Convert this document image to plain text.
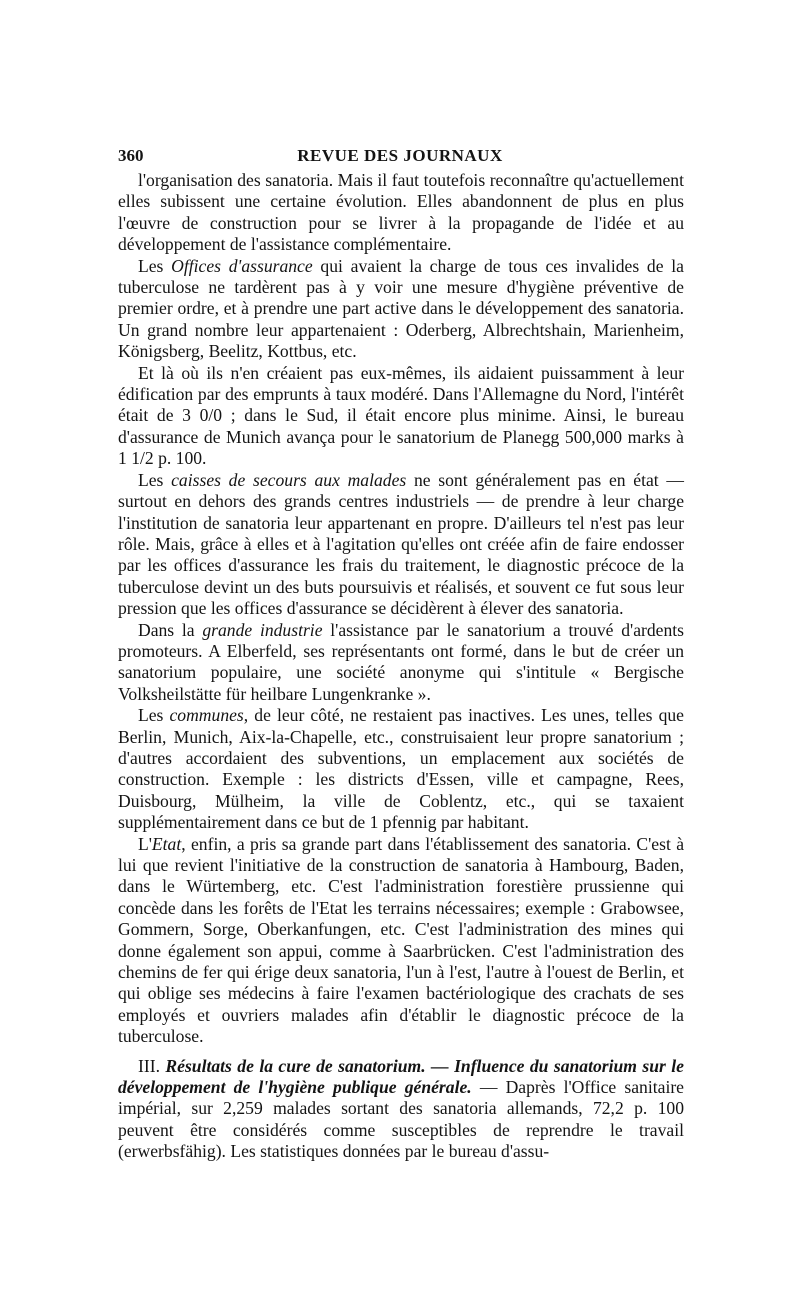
360	REVUE DES JOURNAUX

l'organisation des sanatoria. Mais il faut toutefois reconnaître qu'actuellement elles subissent une certaine évolution. Elles abandonnent de plus en plus l'œuvre de construction pour se livrer à la propagande de l'idée et au développement de l'assistance complémentaire.

Les Offices d'assurance qui avaient la charge de tous ces invalides de la tuberculose ne tardèrent pas à y voir une mesure d'hygiène préventive de premier ordre, et à prendre une part active dans le développement des sanatoria. Un grand nombre leur appartenaient : Oderberg, Albrechtshain, Marienheim, Königsberg, Beelitz, Kottbus, etc.

Et là où ils n'en créaient pas eux-mêmes, ils aidaient puissamment à leur édification par des emprunts à taux modéré. Dans l'Allemagne du Nord, l'intérêt était de 3 0/0 ; dans le Sud, il était encore plus minime. Ainsi, le bureau d'assurance de Munich avança pour le sanatorium de Planegg 500,000 marks à 1 1/2 p. 100.

Les caisses de secours aux malades ne sont généralement pas en état — surtout en dehors des grands centres industriels — de prendre à leur charge l'institution de sanatoria leur appartenant en propre. D'ailleurs tel n'est pas leur rôle. Mais, grâce à elles et à l'agitation qu'elles ont créée afin de faire endosser par les offices d'assurance les frais du traitement, le diagnostic précoce de la tuberculose devint un des buts poursuivis et réalisés, et souvent ce fut sous leur pression que les offices d'assurance se décidèrent à élever des sanatoria.

Dans la grande industrie l'assistance par le sanatorium a trouvé d'ardents promoteurs. A Elberfeld, ses représentants ont formé, dans le but de créer un sanatorium populaire, une société anonyme qui s'intitule « Bergische Volksheilstätte für heilbare Lungenkranke ».

Les communes, de leur côté, ne restaient pas inactives. Les unes, telles que Berlin, Munich, Aix-la-Chapelle, etc., construisaient leur propre sanatorium ; d'autres accordaient des subventions, un emplacement aux sociétés de construction. Exemple : les districts d'Essen, ville et campagne, Rees, Duisbourg, Mülheim, la ville de Coblentz, etc., qui se taxaient supplémentairement dans ce but de 1 pfennig par habitant.

L'Etat, enfin, a pris sa grande part dans l'établissement des sanatoria. C'est à lui que revient l'initiative de la construction de sanatoria à Hambourg, Baden, dans le Würtemberg, etc. C'est l'administration forestière prussienne qui concède dans les forêts de l'Etat les terrains nécessaires; exemple : Grabowsee, Gommern, Sorge, Oberkanfungen, etc. C'est l'administration des mines qui donne également son appui, comme à Saarbrücken. C'est l'administration des chemins de fer qui érige deux sanatoria, l'un à l'est, l'autre à l'ouest de Berlin, et qui oblige ses médecins à faire l'examen bactériologique des crachats de ses employés et ouvriers malades afin d'établir le diagnostic précoce de la tuberculose.

III. Résultats de la cure de sanatorium. — Influence du sanatorium sur le développement de l'hygiène publique générale. — Daprès l'Office sanitaire impérial, sur 2,259 malades sortant des sanatoria allemands, 72,2 p. 100 peuvent être considérés comme susceptibles de reprendre le travail (erwerbsfähig). Les statistiques données par le bureau d'assu-
